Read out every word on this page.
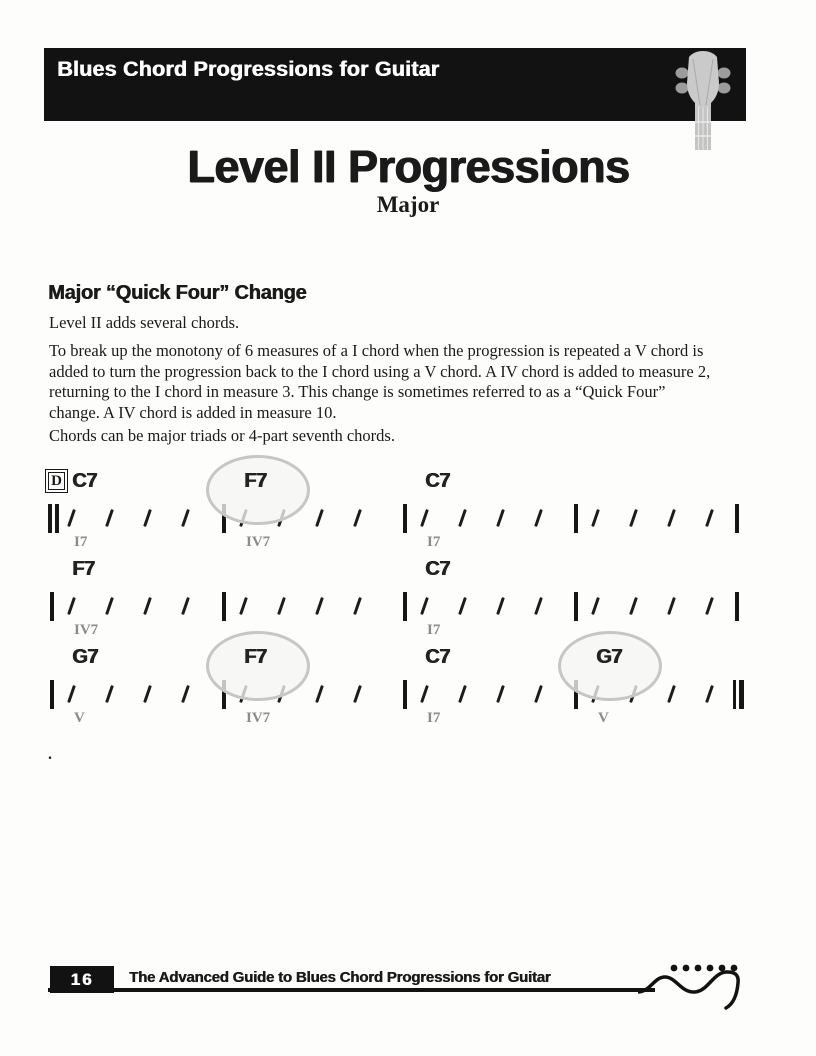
Blues Chord Progressions for Guitar
Level II Progressions
Major
Major “Quick Four” Change

Level II adds several chords.

To break up the monotony of 6 measures of a I chord when the progression is repeated a V chord is added to turn the progression back to the I chord using a V chord. A IV chord is added to measure 2, returning to the I chord in measure 3. This change is sometimes referred to as a “Quick Four” change. A IV chord is added in measure 10.

Chords can be major triads or 4-part seventh chords.

C7
I7
F7
IV7
C7
I7
F7
IV7
C7
I7
G7
V
F7
IV7
C7
I7
G7
V
D
.
16	The Advanced Guide to Blues Chord Progressions for Guitar
